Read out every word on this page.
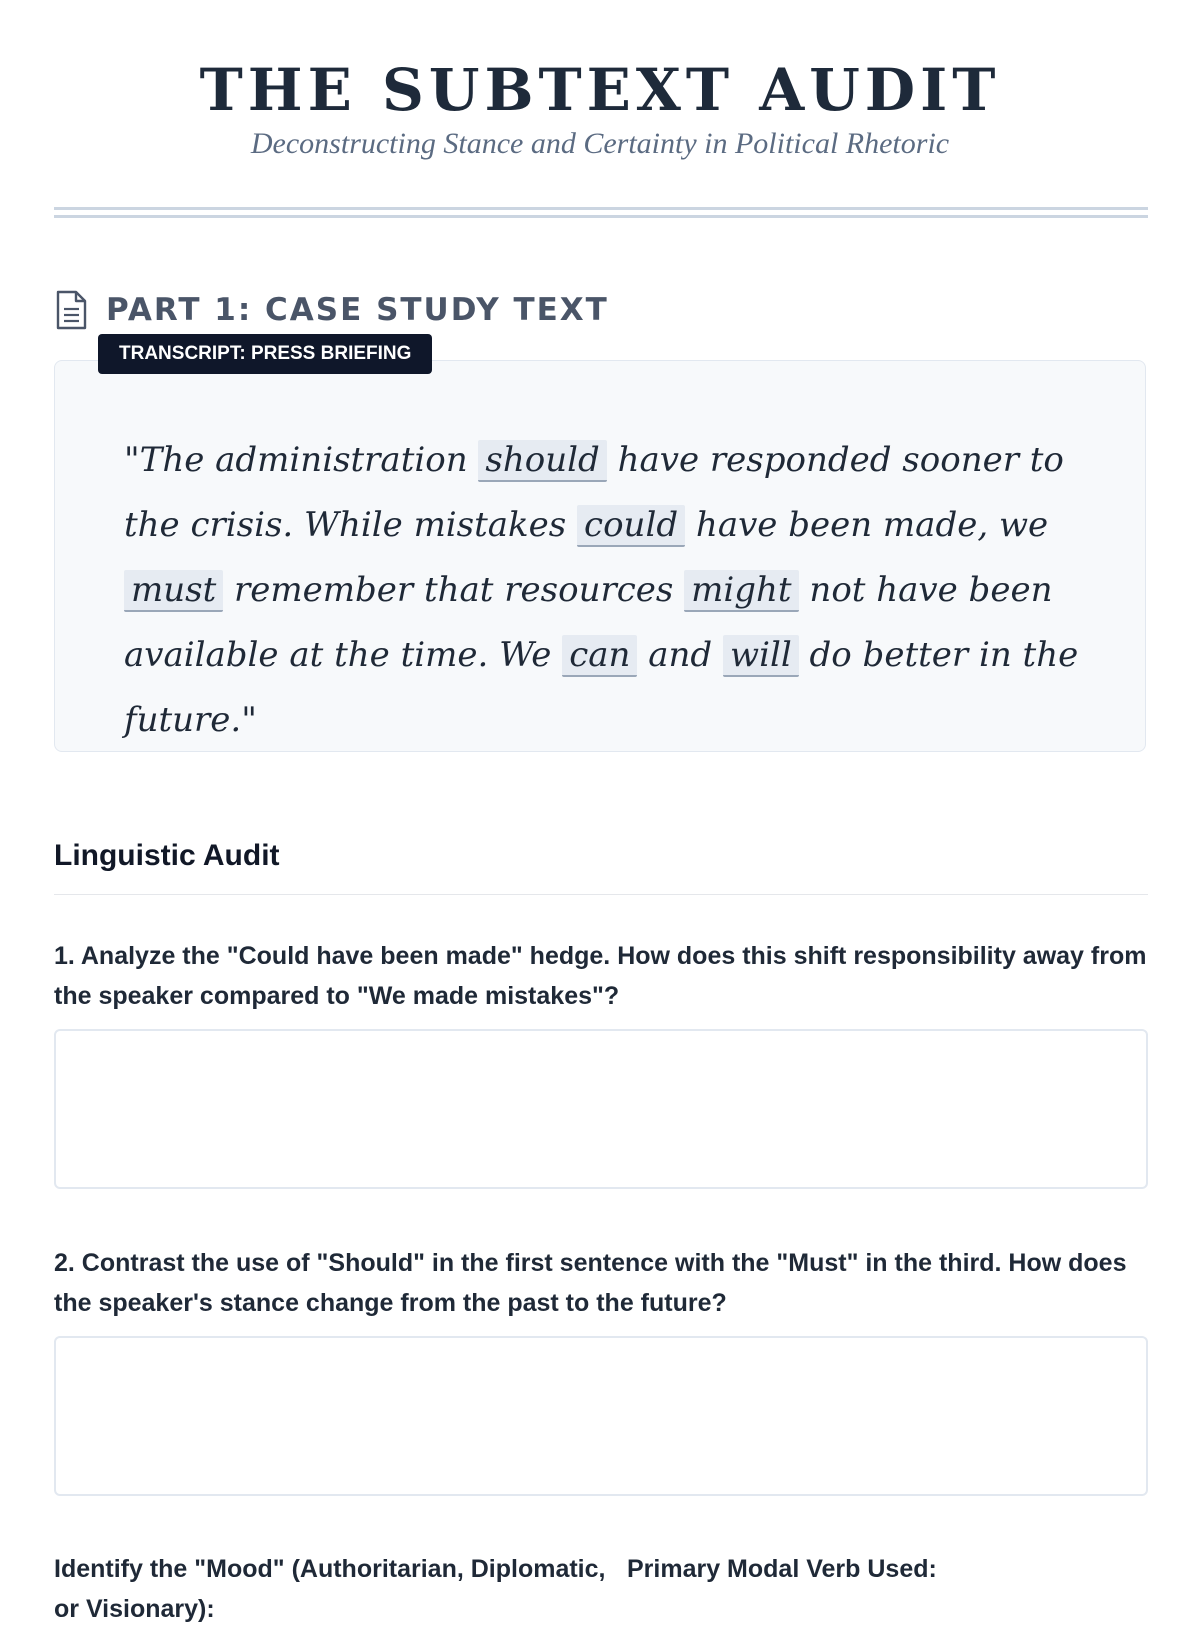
THE SUBTEXT AUDIT

Deconstructing Stance and Certainty in Political Rhetoric

PART 1: CASE STUDY TEXT
TRANSCRIPT: PRESS BRIEFING

"The administration should have responded sooner to the crisis. While mistakes could have been made, we must remember that resources might not have been available at the time. We can and will do better in the future."

Linguistic Audit

1. Analyze the "Could have been made" hedge. How does this shift responsibility away from the speaker compared to "We made mistakes"?

2. Contrast the use of "Should" in the first sentence with the "Must" in the third. How does the speaker's stance change from the past to the future?

Identify the "Mood" (Authoritarian, Diplomatic, or Visionary):

Primary Modal Verb Used:
